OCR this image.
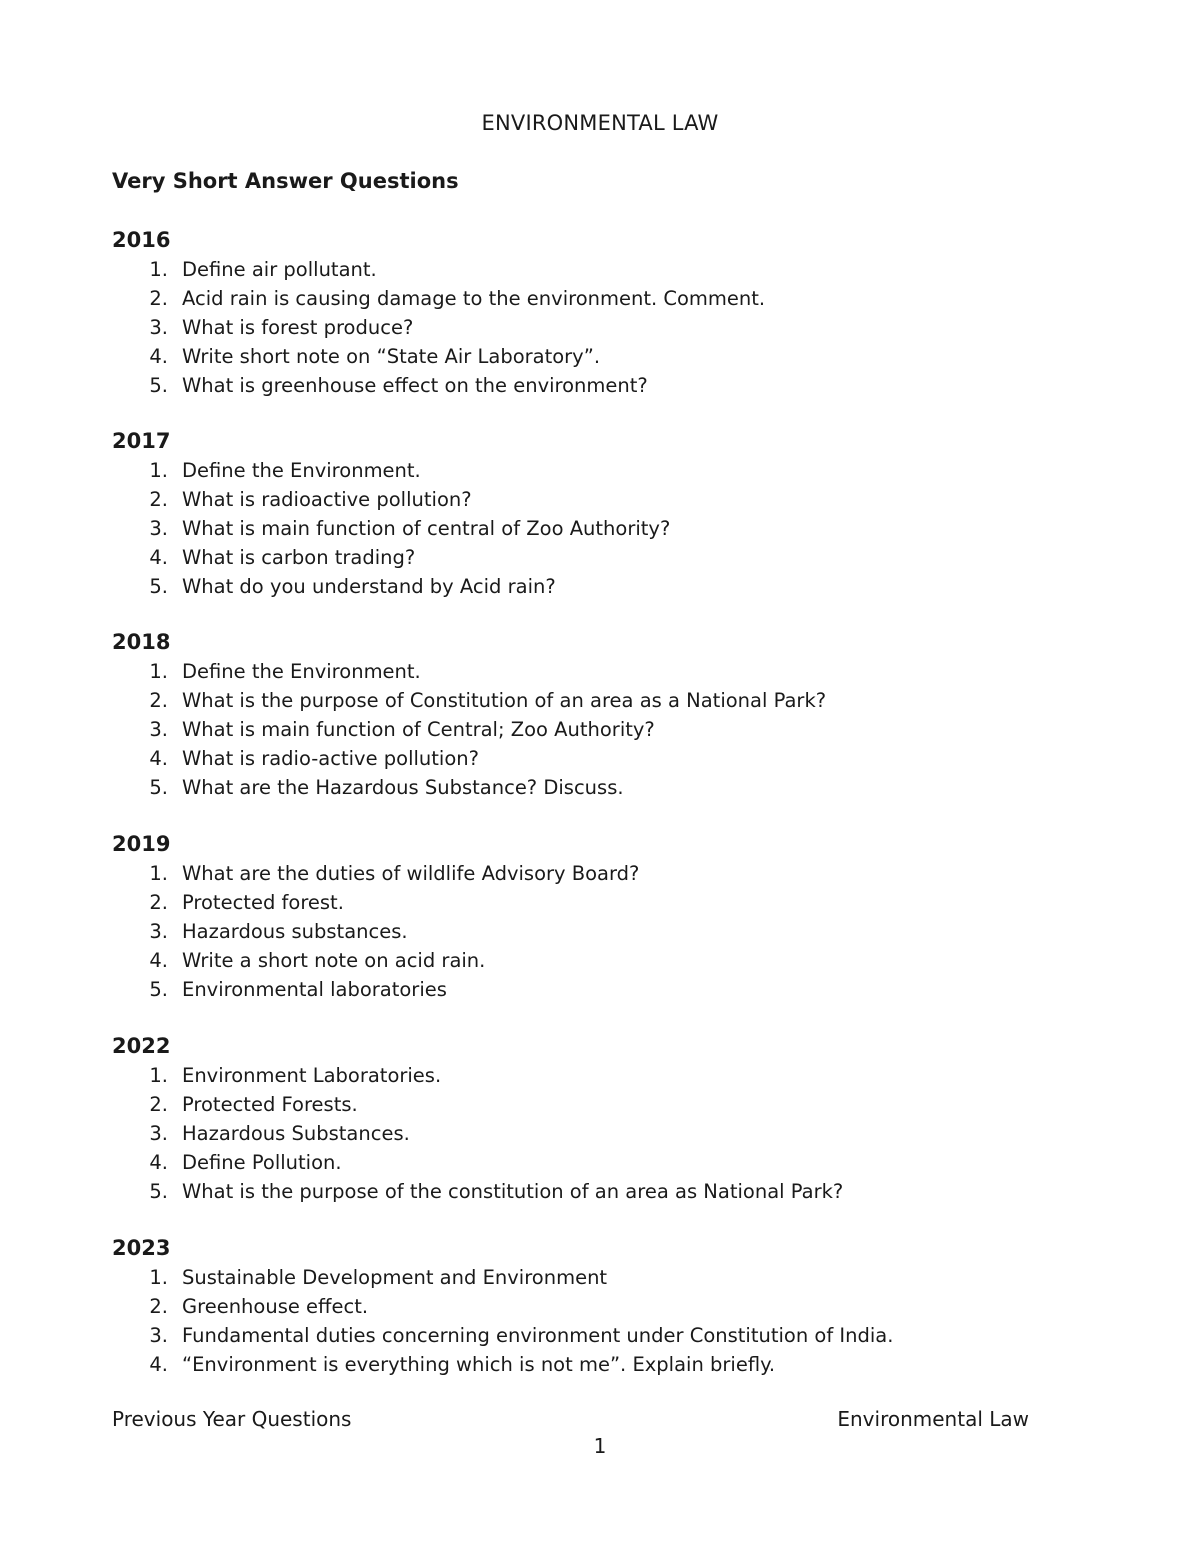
ENVIRONMENTAL LAW
Very Short Answer Questions
2016
1. Define air pollutant.
2. Acid rain is causing damage to the environment. Comment.
3. What is forest produce?
4. Write short note on “State Air Laboratory”.
5. What is greenhouse effect on the environment?
2017
1. Define the Environment.
2. What is radioactive pollution?
3. What is main function of central of Zoo Authority?
4. What is carbon trading?
5. What do you understand by Acid rain?
2018
1. Define the Environment.
2. What is the purpose of Constitution of an area as a National Park?
3. What is main function of Central; Zoo Authority?
4. What is radio-active pollution?
5. What are the Hazardous Substance? Discuss.
2019
1. What are the duties of wildlife Advisory Board?
2. Protected forest.
3. Hazardous substances.
4. Write a short note on acid rain.
5. Environmental laboratories
2022
1. Environment Laboratories.
2. Protected Forests.
3. Hazardous Substances.
4. Define Pollution.
5. What is the purpose of the constitution of an area as National Park?
2023
1. Sustainable Development and Environment
2. Greenhouse effect.
3. Fundamental duties concerning environment under Constitution of India.
4. “Environment is everything which is not me”. Explain briefly.
Previous Year Questions	Environmental Law
1
